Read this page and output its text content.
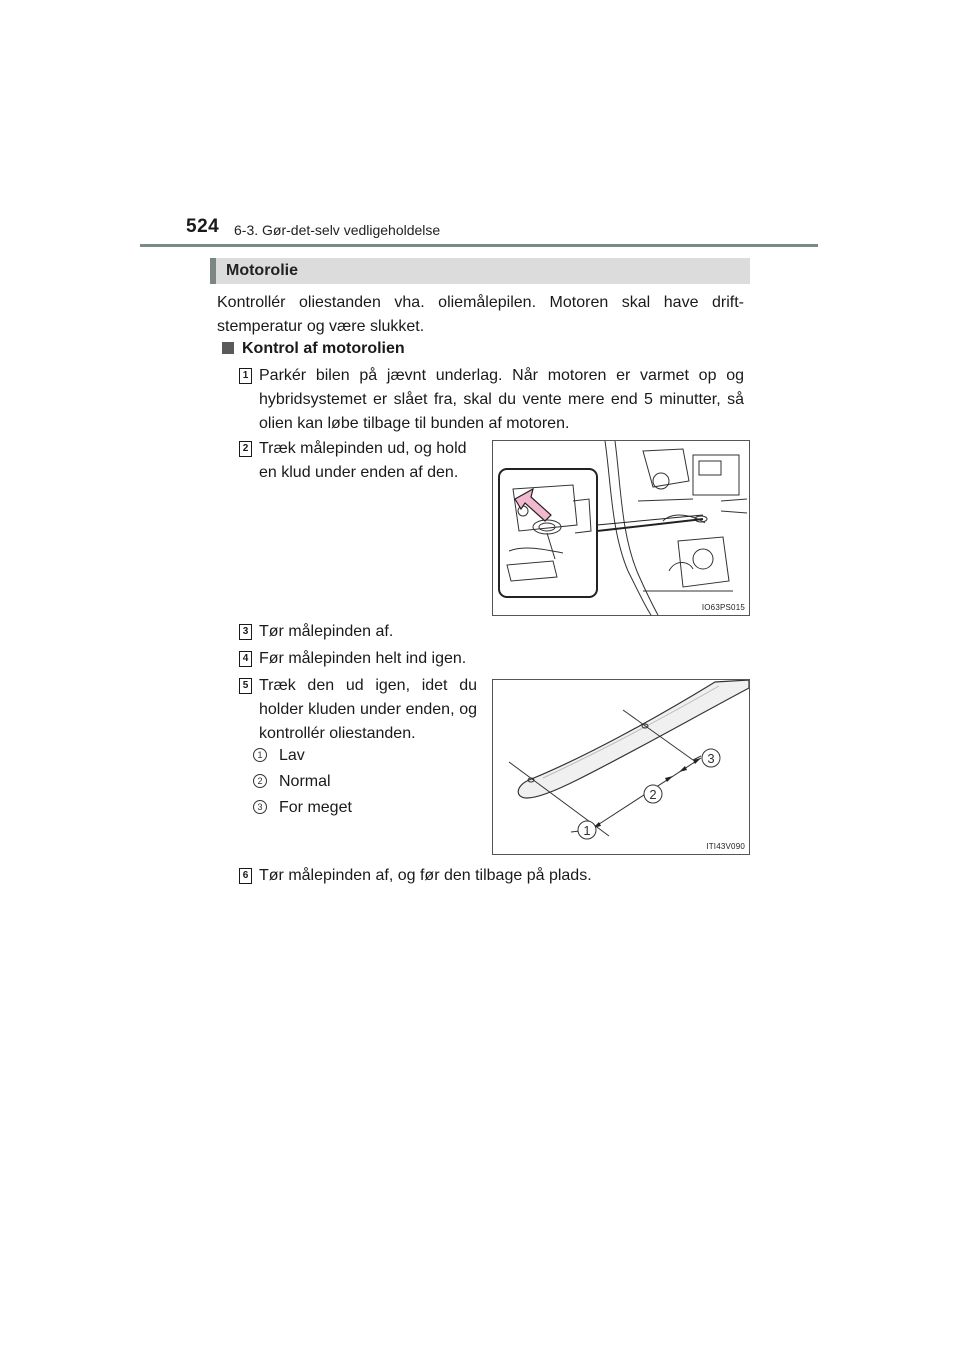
524 6-3. Gør-det-selv vedligeholdelse
Motorolie
Kontrollér oliestanden vha. oliemålepilen. Motoren skal have driftstemperatur og være slukket.
Kontrol af motorolien
1 Parkér bilen på jævnt underlag. Når motoren er varmet op og hybridsystemet er slået fra, skal du vente mere end 5 minutter, så olien kan løbe tilbage til bunden af motoren.
2 Træk målepinden ud, og hold en klud under enden af den.
IO63PS015
3 Tør målepinden af.
4 Før målepinden helt ind igen.
5 Træk den ud igen, idet du holder kluden under enden, og kontrollér oliestanden.
1 Lav
2 Normal
3 For meget
1
2
3
ITI43V090
6 Tør målepinden af, og før den tilbage på plads.
